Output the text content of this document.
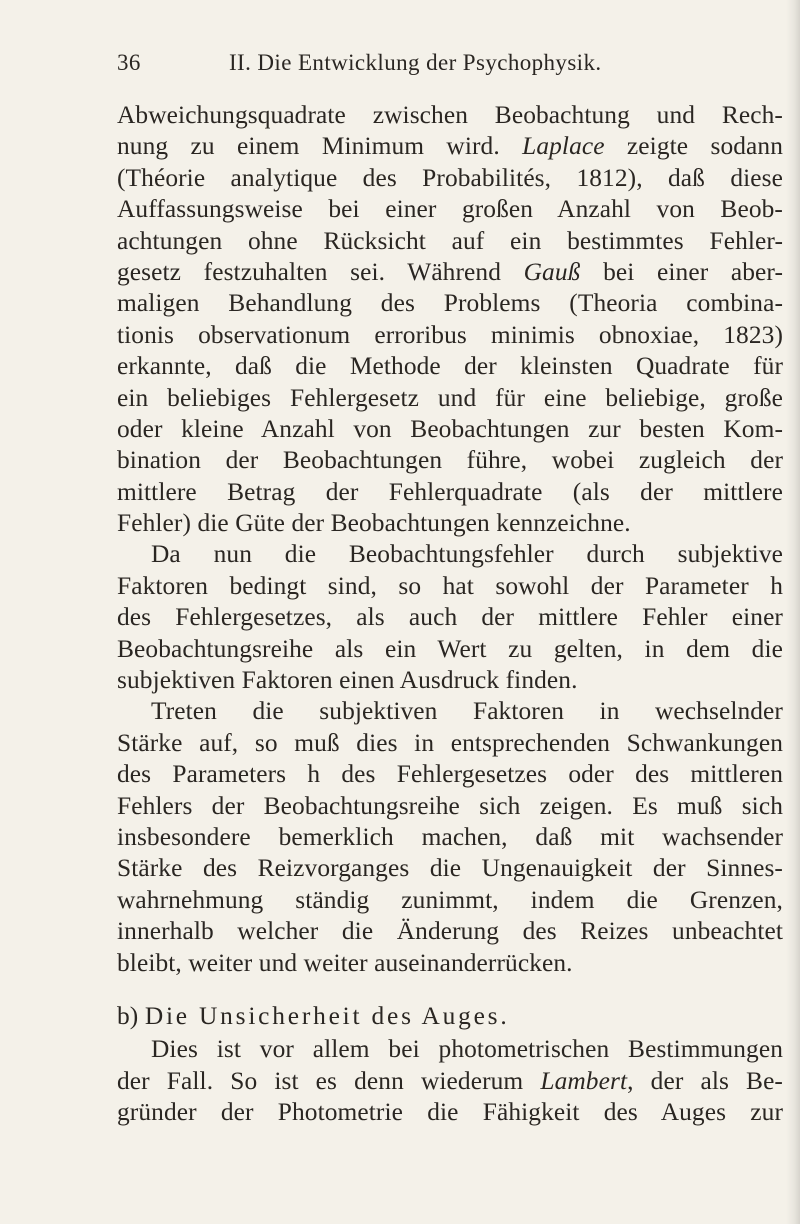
36	II. Die Entwicklung der Psychophysik.
Abweichungsquadrate zwischen Beobachtung und Rech-
nung zu einem Minimum wird. Laplace zeigte sodann
(Théorie analytique des Probabilités, 1812), daß diese
Auffassungsweise bei einer großen Anzahl von Beob-
achtungen ohne Rücksicht auf ein bestimmtes Fehler-
gesetz festzuhalten sei. Während Gauß bei einer aber-
maligen Behandlung des Problems (Theoria combina-
tionis observationum erroribus minimis obnoxiae, 1823)
erkannte, daß die Methode der kleinsten Quadrate für
ein beliebiges Fehlergesetz und für eine beliebige, große
oder kleine Anzahl von Beobachtungen zur besten Kom-
bination der Beobachtungen führe, wobei zugleich der
mittlere Betrag der Fehlerquadrate (als der mittlere
Fehler) die Güte der Beobachtungen kennzeichne.
Da nun die Beobachtungsfehler durch subjektive
Faktoren bedingt sind, so hat sowohl der Parameter h
des Fehlergesetzes, als auch der mittlere Fehler einer
Beobachtungsreihe als ein Wert zu gelten, in dem die
subjektiven Faktoren einen Ausdruck finden.
Treten die subjektiven Faktoren in wechselnder
Stärke auf, so muß dies in entsprechenden Schwankungen
des Parameters h des Fehlergesetzes oder des mittleren
Fehlers der Beobachtungsreihe sich zeigen. Es muß sich
insbesondere bemerklich machen, daß mit wachsender
Stärke des Reizvorganges die Ungenauigkeit der Sinnes-
wahrnehmung ständig zunimmt, indem die Grenzen,
innerhalb welcher die Änderung des Reizes unbeachtet
bleibt, weiter und weiter auseinanderrücken.
b) Die Unsicherheit des Auges.
Dies ist vor allem bei photometrischen Bestimmungen
der Fall. So ist es denn wiederum Lambert, der als Be-
gründer der Photometrie die Fähigkeit des Auges zur
